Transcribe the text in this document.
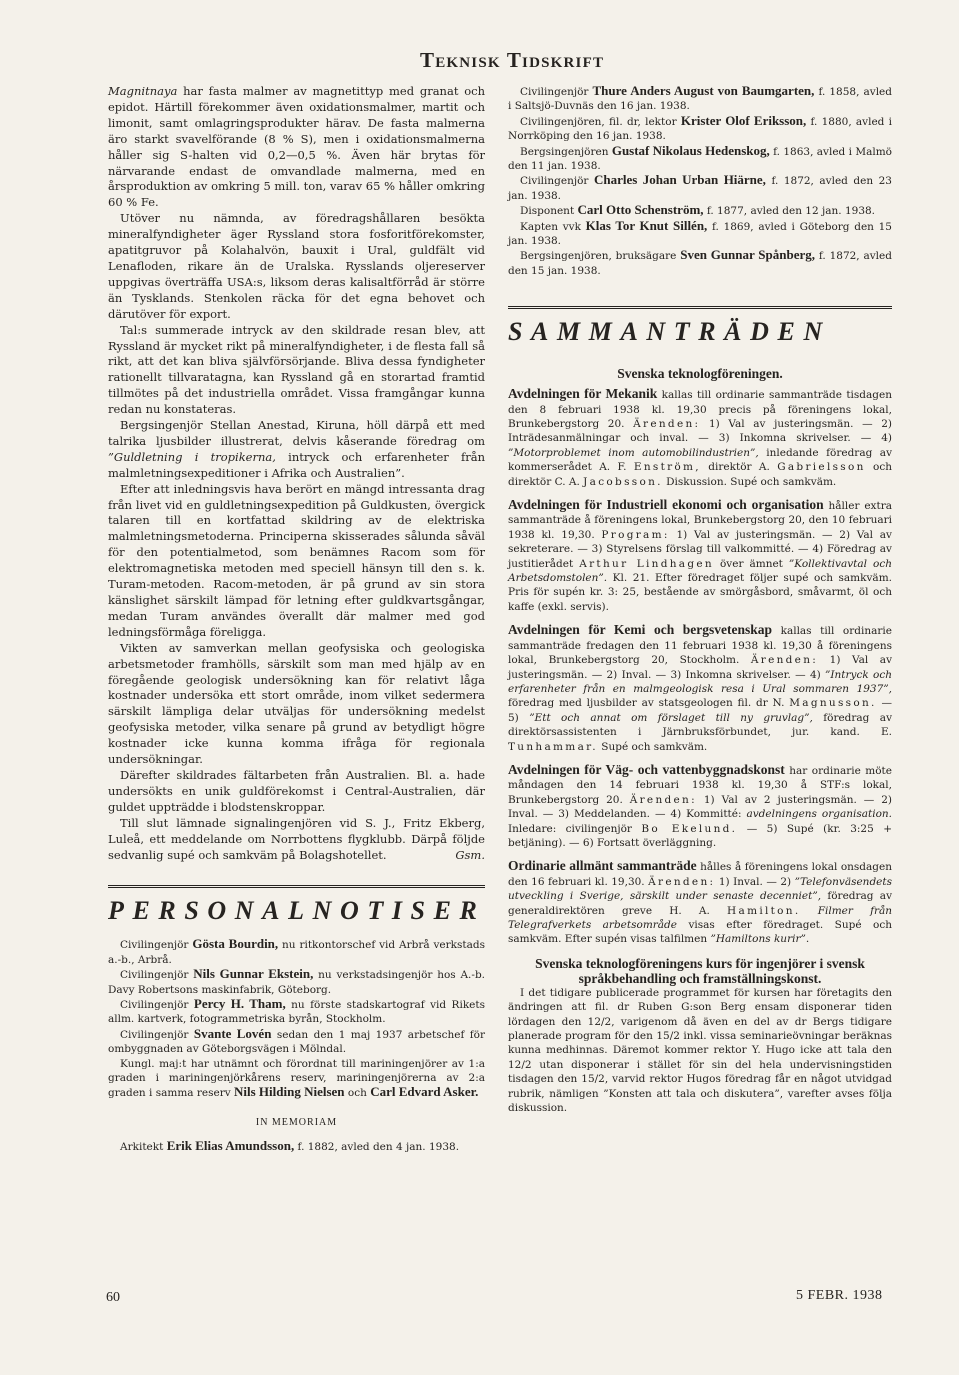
Teknisk Tidskrift

Magnitnaya har fasta malmer av magnetittyp med granat och epidot. Härtill förekommer även oxidationsmalmer, martit och limonit, samt omlagringsprodukter härav. De fasta malmerna äro starkt svavelförande (8 % S), men i oxidationsmalmerna håller sig S-halten vid 0,2—0,5 %. Även här brytas för närvarande endast de omvandlade malmerna, med en årsproduktion av omkring 5 mill. ton, varav 65 % håller omkring 60 % Fe.

Utöver nu nämnda, av föredragshållaren besökta mineralfyndigheter äger Ryssland stora fosforitförekomster, apatitgruvor på Kolahalvön, bauxit i Ural, guldfält vid Lenafloden, rikare än de Uralska. Rysslands oljereserver uppgivas överträffa USA:s, liksom deras kalisaltförråd är större än Tysklands. Stenkolen räcka för det egna behovet och därutöver för export.

Tal:s summerade intryck av den skildrade resan blev, att Ryssland är mycket rikt på mineralfyndigheter, i de flesta fall så rikt, att det kan bliva självförsörjande. Bliva dessa fyndigheter rationellt tillvaratagna, kan Ryssland gå en storartad framtid tillmötes på det industriella området. Vissa framgångar kunna redan nu konstateras.

Bergsingenjör Stellan Anestad, Kiruna, höll därpå ett med talrika ljusbilder illustrerat, delvis kåserande föredrag om ”Guldletning i tropikerna, intryck och erfarenheter från malmletningsexpeditioner i Afrika och Australien”.

Efter att inledningsvis hava berört en mängd intressanta drag från livet vid en guldletningsexpedition på Guldkusten, övergick talaren till en kortfattad skildring av de elektriska malmletningsmetoderna. Principerna skisserades sålunda såväl för den potentialmetod, som benämnes Racom som för elektromagnetiska metoden med speciell hänsyn till den s. k. Turam-metoden. Racom-metoden, är på grund av sin stora känslighet särskilt lämpad för letning efter guldkvartsgångar, medan Turam användes överallt där malmer med god ledningsförmåga föreligga.

Vikten av samverkan mellan geofysiska och geologiska arbetsmetoder framhölls, särskilt som man med hjälp av en föregående geologisk undersökning kan för relativt låga kostnader undersöka ett stort område, inom vilket sedermera särskilt lämpliga delar utväljas för undersökning medelst geofysiska metoder, vilka senare på grund av betydligt högre kostnader icke kunna komma ifråga för regionala undersökningar.

Därefter skildrades fältarbeten från Australien. Bl. a. hade undersökts en unik guldförekomst i Central-Australien, där guldet uppträdde i blodstenskroppar.

Till slut lämnade signalingenjören vid S. J., Fritz Ekberg, Luleå, ett meddelande om Norrbottens flygklubb. Därpå följde sedvanlig supé och samkväm på Bolagshotellet.	Gsm.

PERSONALNOTISER

Civilingenjör Gösta Bourdin, nu ritkontorschef vid Arbrå verkstads a.-b., Arbrå.

Civilingenjör Nils Gunnar Ekstein, nu verkstadsingenjör hos A.-b. Davy Robertsons maskinfabrik, Göteborg.

Civilingenjör Percy H. Tham, nu förste stadskartograf vid Rikets allm. kartverk, fotogrammetriska byrån, Stockholm.

Civilingenjör Svante Lovén sedan den 1 maj 1937 arbetschef för ombyggnaden av Göteborgsvägen i Mölndal.

Kungl. maj:t har utnämnt och förordnat till mariningenjörer av 1:a graden i mariningenjörkårens reserv, mariningenjörerna av 2:a graden i samma reserv Nils Hilding Nielsen och Carl Edvard Asker.

IN MEMORIAM

Arkitekt Erik Elias Amundsson, f. 1882, avled den 4 jan. 1938.

Civilingenjör Thure Anders August von Baumgarten, f. 1858, avled i Saltsjö-Duvnäs den 16 jan. 1938.

Civilingenjören, fil. dr, lektor Krister Olof Eriksson, f. 1880, avled i Norrköping den 16 jan. 1938.

Bergsingenjören Gustaf Nikolaus Hedenskog, f. 1863, avled i Malmö den 11 jan. 1938.

Civilingenjör Charles Johan Urban Hiärne, f. 1872, avled den 23 jan. 1938.

Disponent Carl Otto Schenström, f. 1877, avled den 12 jan. 1938.

Kapten vvk Klas Tor Knut Sillén, f. 1869, avled i Göteborg den 15 jan. 1938.

Bergsingenjören, bruksägare Sven Gunnar Spånberg, f. 1872, avled den 15 jan. 1938.

SAMMANTRÄDEN

Svenska teknologföreningen.

Avdelningen för Mekanik kallas till ordinarie sammanträde tisdagen den 8 februari 1938 kl. 19,30 precis på föreningens lokal, Brunkebergstorg 20. Ärenden: 1) Val av justeringsmän. — 2) Inträdesanmälningar och inval. — 3) Inkomna skrivelser. — 4) ”Motorproblemet inom automobilindustrien”, inledande föredrag av kommerserådet A. F. Enström, direktör A. Gabrielsson och direktör C. A. Jacobsson. Diskussion. Supé och samkväm.

Avdelningen för Industriell ekonomi och organisation håller extra sammanträde å föreningens lokal, Brunkebergstorg 20, den 10 februari 1938 kl. 19,30. Program: 1) Val av justeringsmän. — 2) Val av sekreterare. — 3) Styrelsens förslag till valkommitté. — 4) Föredrag av justitierådet Arthur Lindhagen över ämnet ”Kollektivavtal och Arbetsdomstolen”. Kl. 21. Efter föredraget följer supé och samkväm. Pris för supén kr. 3: 25, bestående av smörgåsbord, småvarmt, öl och kaffe (exkl. servis).

Avdelningen för Kemi och bergsvetenskap kallas till ordinarie sammanträde fredagen den 11 februari 1938 kl. 19,30 å föreningens lokal, Brunkebergstorg 20, Stockholm. Ärenden: 1) Val av justeringsmän. — 2) Inval. — 3) Inkomna skrivelser. — 4) ”Intryck och erfarenheter från en malmgeologisk resa i Ural sommaren 1937”, föredrag med ljusbilder av statsgeologen fil. dr N. Magnusson. — 5) ”Ett och annat om förslaget till ny gruvlag”, föredrag av direktörsassistenten i Järnbruksförbundet, jur. kand. E. Tunhammar. Supé och samkväm.

Avdelningen för Väg- och vattenbyggnadskonst har ordinarie möte måndagen den 14 februari 1938 kl. 19,30 å STF:s lokal, Brunkebergstorg 20. Ärenden: 1) Val av 2 justeringsmän. — 2) Inval. — 3) Meddelanden. — 4) Kommitté: avdelningens organisation. Inledare: civilingenjör Bo Ekelund. — 5) Supé (kr. 3:25 + betjäning). — 6) Fortsatt överläggning.

Ordinarie allmänt sammanträde hålles å föreningens lokal onsdagen den 16 februari kl. 19,30. Ärenden: 1) Inval. — 2) ”Telefonväsendets utveckling i Sverige, särskilt under senaste decenniet”, föredrag av generaldirektören greve H. A. Hamilton. Filmer från Telegrafverkets arbetsområde visas efter föredraget. Supé och samkväm. Efter supén visas talfilmen ”Hamiltons kurir”.

Svenska teknologföreningens kurs för ingenjörer i svensk språkbehandling och framställningskonst.

I det tidigare publicerade programmet för kursen har företagits den ändringen att fil. dr Ruben G:son Berg ensam disponerar tiden lördagen den 12/2, varigenom då även en del av dr Bergs tidigare planerade program för den 15/2 inkl. vissa seminarieövningar beräknas kunna medhinnas. Däremot kommer rektor Y. Hugo icke att tala den 12/2 utan disponerar i stället för sin del hela undervisningstiden tisdagen den 15/2, varvid rektor Hugos föredrag får en något utvidgad rubrik, nämligen ”Konsten att tala och diskutera”, varefter avses följa diskussion.

60	5 FEBR. 1938
